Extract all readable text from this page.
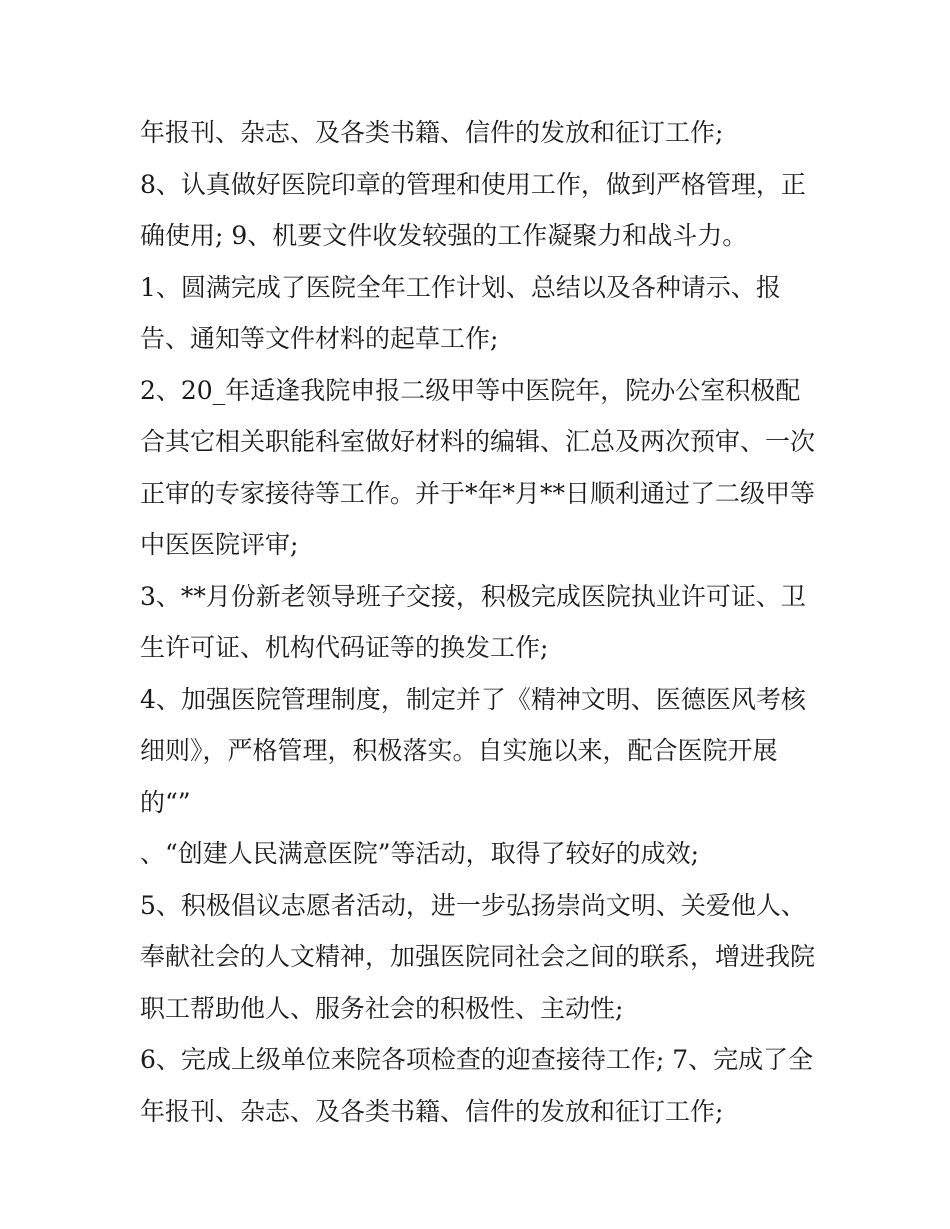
年报刊、杂志、及各类书籍、信件的发放和征订工作;
8、认真做好医院印章的管理和使用工作，做到严格管理，正
确使用; 9、机要文件收发较强的工作凝聚力和战斗力。
1、圆满完成了医院全年工作计划、总结以及各种请示、报
告、通知等文件材料的起草工作;
2、20_年适逢我院申报二级甲等中医院年，院办公室积极配
合其它相关职能科室做好材料的编辑、汇总及两次预审、一次
正审的专家接待等工作。并于*年*月**日顺利通过了二级甲等
中医医院评审;
3、**月份新老领导班子交接，积极完成医院执业许可证、卫
生许可证、机构代码证等的换发工作;
4、加强医院管理制度，制定并了《精神文明、医德医风考核
细则》，严格管理，积极落实。自实施以来，配合医院开展
的“”
、“创建人民满意医院”等活动，取得了较好的成效;
5、积极倡议志愿者活动，进一步弘扬崇尚文明、关爱他人、
奉献社会的人文精神，加强医院同社会之间的联系，增进我院
职工帮助他人、服务社会的积极性、主动性;
6、完成上级单位来院各项检查的迎查接待工作; 7、完成了全
年报刊、杂志、及各类书籍、信件的发放和征订工作;
